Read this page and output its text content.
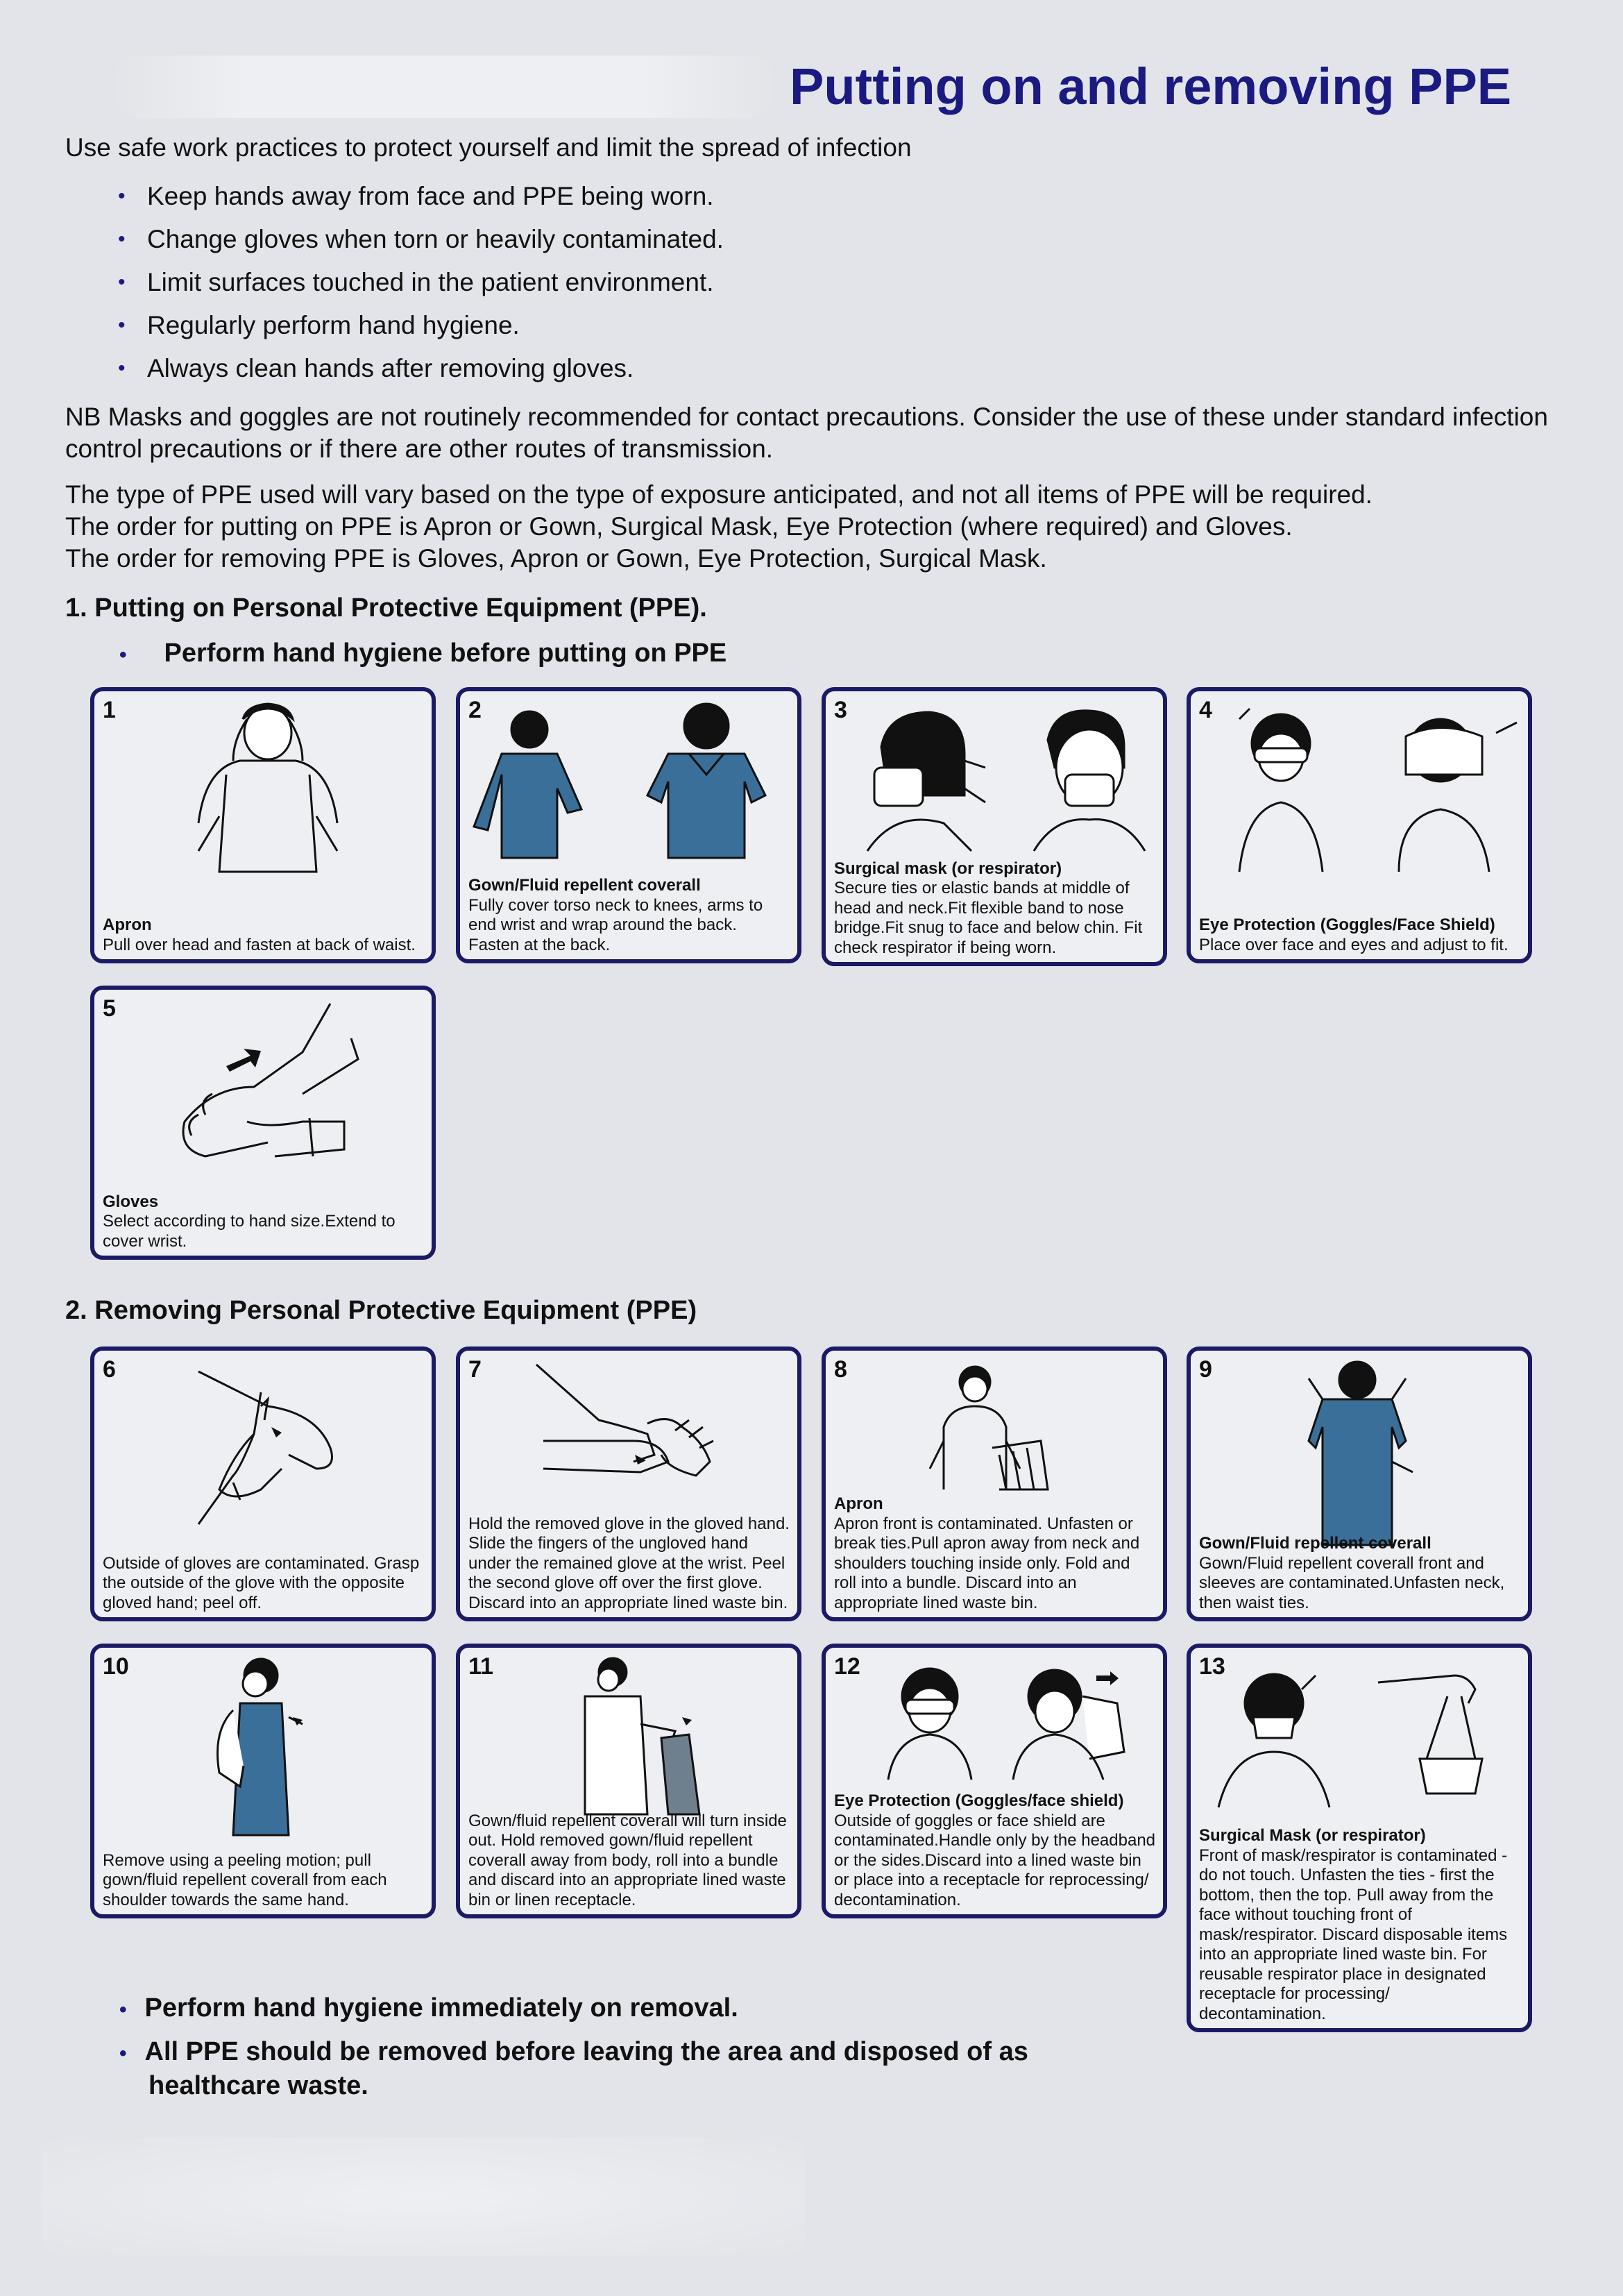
Putting on and removing PPE

Use safe work practices to protect yourself and limit the spread of infection

• Keep hands away from face and PPE being worn.
• Change gloves when torn or heavily contaminated.
• Limit surfaces touched in the patient environment.
• Regularly perform hand hygiene.
• Always clean hands after removing gloves.

NB Masks and goggles are not routinely recommended for contact precautions. Consider the use of these under standard infection control precautions or if there are other routes of transmission.

The type of PPE used will vary based on the type of exposure anticipated, and not all items of PPE will be required.
The order for putting on PPE is Apron or Gown, Surgical Mask, Eye Protection (where required) and Gloves.
The order for removing PPE is Gloves, Apron or Gown, Eye Protection, Surgical Mask.
1. Putting on Personal Protective Equipment (PPE).
• Perform hand hygiene before putting on PPE
1
Apron
Pull over head and fasten at back of waist.
2
Gown/Fluid repellent coverall
Fully cover torso neck to knees, arms to end wrist and wrap around the back. Fasten at the back.
3
Surgical mask (or respirator)
Secure ties or elastic bands at middle of head and neck.Fit flexible band to nose bridge.Fit snug to face and below chin. Fit check respirator if being worn.
4
Eye Protection (Goggles/Face Shield)
Place over face and eyes and adjust to fit.
5
Gloves
Select according to hand size.Extend to cover wrist.
2. Removing Personal Protective Equipment (PPE)
6
Outside of gloves are contaminated. Grasp the outside of the glove with the opposite gloved hand; peel off.
7
Hold the removed glove in the gloved hand. Slide the fingers of the ungloved hand under the remained glove at the wrist. Peel the second glove off over the first glove. Discard into an appropriate lined waste bin.
8
Apron
Apron front is contaminated. Unfasten or break ties.Pull apron away from neck and shoulders touching inside only. Fold and roll into a bundle. Discard into an appropriate lined waste bin.
9
Gown/Fluid repellent coverall
Gown/Fluid repellent coverall front and sleeves are contaminated.Unfasten neck, then waist ties.
10
Remove using a peeling motion; pull gown/fluid repellent coverall from each shoulder towards the same hand.
11
Gown/fluid repellent coverall will turn inside out. Hold removed gown/fluid repellent coverall away from body, roll into a bundle and discard into an appropriate lined waste bin or linen receptacle.
12
Eye Protection (Goggles/face shield)
Outside of goggles or face shield are contaminated.Handle only by the headband or the sides.Discard into a lined waste bin or place into a receptacle for reprocessing/ decontamination.
13
Surgical Mask (or respirator)
Front of mask/respirator is contaminated - do not touch. Unfasten the ties - first the bottom, then the top. Pull away from the face without touching front of mask/respirator. Discard disposable items into an appropriate lined waste bin. For reusable respirator place in designated receptacle for processing/ decontamination.
• Perform hand hygiene immediately on removal.
• All PPE should be removed before leaving the area and disposed of as healthcare waste.
